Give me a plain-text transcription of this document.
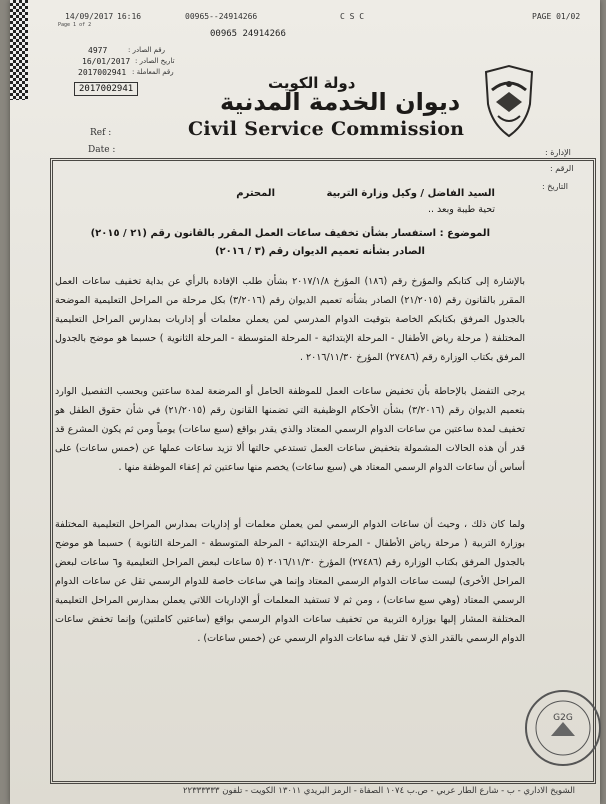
14/09/2017 16:16	00965--24914266	C S C	PAGE 01/02
Page 1 of 2
00965 24914266
4977	رقم الصادر :
16/01/2017 تاريخ الصادر :
2017002941 رقم المعاملة :
2017002941	دولة الكويت
ديوان الخدمة المدنية
Civil Service Commission
Ref :
Date :	الإدارة :
الرقم :
التاريخ :
السيد الفاضل / وكيل وزارة التربية
المحترم
تحية طيبة وبعد ..
الموضوع : استفسار بشأن تخفيف ساعات العمل المقرر بالقانون رقم (٢١ / ٢٠١٥)
الصادر بشأنه تعميم الديوان رقم (٣ / ٢٠١٦)
بالإشارة إلى كتابكم والمؤرخ رقم (١٨٦) المؤرخ ٢٠١٧/١/٨ بشأن طلب الإفادة بالرأي عن بداية تخفيف ساعات العمل المقرر بالقانون رقم (٢١/٢٠١٥) الصادر بشأنه تعميم الديوان رقم (٣/٢٠١٦) بكل مرحلة من المراحل التعليمية الموضحة بالجدول المرفق بكتابكم الخاصة بتوقيت الدوام المدرسي لمن يعملن معلمات أو إداريات بمدارس المراحل التعليمية المختلفة ( مرحلة رياض الأطفال - المرحلة الإبتدائية - المرحلة المتوسطة - المرحلة الثانوية ) حسبما هو موضح بالجدول المرفق بكتاب الوزارة رقم (٢٧٤٨٦) المؤرخ ٢٠١٦/١١/٣٠ .
يرجى التفضل بالإحاطة بأن تخفيض ساعات العمل للموظفة الحامل أو المرضعة لمدة ساعتين وبحسب التفصيل الوارد بتعميم الديوان رقم (٣/٢٠١٦) بشأن الأحكام الوظيفية التي تضمنها القانون رقم (٢١/٢٠١٥) في شأن حقوق الطفل هو تخفيف لمدة ساعتين من ساعات الدوام الرسمي المعتاد والذي يقدر بواقع (سبع ساعات) يومياً ومن ثم يكون المشرع قد قدر أن هذه الحالات المشمولة بتخفيض ساعات العمل تستدعي حالتها ألا تزيد ساعات عملها عن (خمس ساعات) على أساس أن ساعات الدوام الرسمي المعتاد هي (سبع ساعات) يخصم منها ساعتين ثم إعفاء الموظفة منها .
ولما كان ذلك ، وحيث أن ساعات الدوام الرسمي لمن يعملن معلمات أو إداريات بمدارس المراحل التعليمية المختلفة بوزارة التربية ( مرحلة رياض الأطفال - المرحلة الإبتدائية - المرحلة المتوسطة - المرحلة الثانوية ) حسبما هو موضح بالجدول المرفق بكتاب الوزارة رقم (٢٧٤٨٦) المؤرخ ٢٠١٦/١١/٣٠ (٥ ساعات لبعض المراحل التعليمية و٦ ساعات لبعض المراحل الأخرى) ليست ساعات الدوام الرسمي المعتاد وإنما هي ساعات خاصة للدوام الرسمي تقل عن ساعات الدوام الرسمي المعتاد (وهي سبع ساعات) ، ومن ثم لا تستفيد المعلمات أو الإداريات اللاتي يعملن بمدارس المراحل التعليمية المختلفة المشار إليها بوزارة التربية من تخفيف ساعات الدوام الرسمي بواقع (ساعتين كاملتين) وإنما تخفض ساعات الدوام الرسمي بالقدر الذي لا تقل فيه ساعات الدوام الرسمي عن (خمس ساعات) .
G2G
الشويخ الاداري - ب - شارع الطار عربي - ص.ب ١٠٧٤ الصفاة - الرمز البريدي ١٣٠١١ الكويت - تلفون ٢٢٣٣٣٣٣٣
